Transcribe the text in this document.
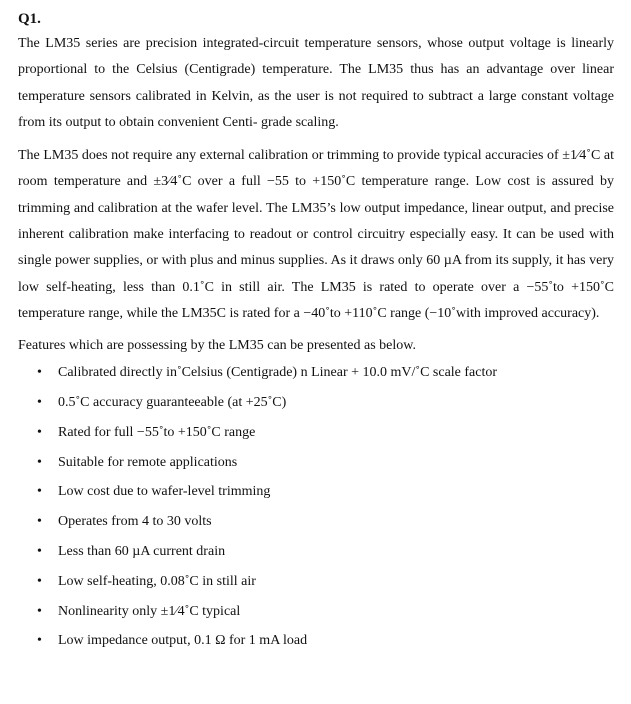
Q1.

The LM35 series are precision integrated-circuit temperature sensors, whose output voltage is linearly proportional to the Celsius (Centigrade) temperature. The LM35 thus has an advantage over linear temperature sensors calibrated in Kelvin, as the user is not required to subtract a large constant voltage from its output to obtain convenient Centi- grade scaling.

The LM35 does not require any external calibration or trimming to provide typical accuracies of ±1⁄4˚C at room temperature and ±3⁄4˚C over a full −55 to +150˚C temperature range. Low cost is assured by trimming and calibration at the wafer level. The LM35’s low output impedance, linear output, and precise inherent calibration make interfacing to readout or control circuitry especially easy. It can be used with single power supplies, or with plus and minus supplies. As it draws only 60 µA from its supply, it has very low self-heating, less than 0.1˚C in still air. The LM35 is rated to operate over a −55˚to +150˚C temperature range, while the LM35C is rated for a −40˚to +110˚C range (−10˚with improved accuracy).

Features which are possessing by the LM35 can be presented as below.

• Calibrated directly in˚Celsius (Centigrade) n Linear + 10.0 mV/˚C scale factor
• 0.5˚C accuracy guaranteeable (at +25˚C)
• Rated for full −55˚to +150˚C range
• Suitable for remote applications
• Low cost due to wafer-level trimming
• Operates from 4 to 30 volts
• Less than 60 µA current drain
• Low self-heating, 0.08˚C in still air
• Nonlinearity only ±1⁄4˚C typical
• Low impedance output, 0.1 Ω for 1 mA load
